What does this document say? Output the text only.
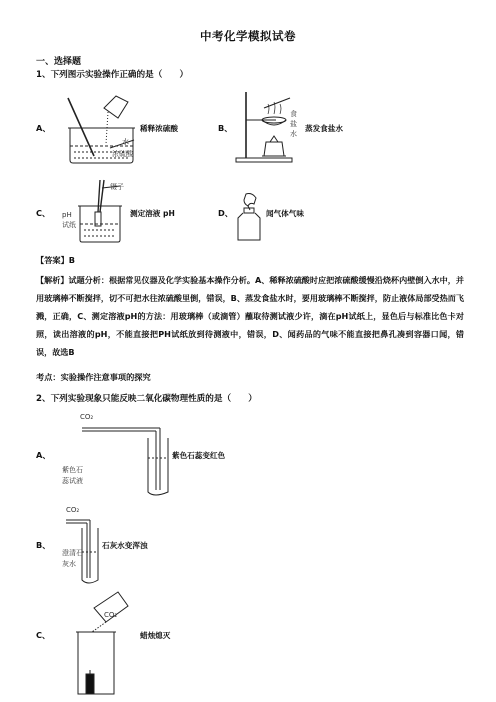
中考化学模拟试卷
一、选择题
1、下列图示实验操作正确的是（　　）
A、
水
浓硫酸
稀释浓硫酸	B、
食
盐
水
蒸发食盐水
C、
镊子
pH
试纸
测定溶液 pH	D、	闻气体气味
【答案】B
【解析】试题分析：根据常见仪器及化学实验基本操作分析。A、稀释浓硫酸时应把浓硫酸缓慢沿烧杯内壁倒入水中，并用玻璃棒不断搅拌，切不可把水往浓硫酸里倒，错误，B、蒸发食盐水时，要用玻璃棒不断搅拌，防止液体局部受热而飞溅，正确，C、测定溶液pH的方法：用玻璃棒（或滴管）蘸取待测试液少许，滴在pH试纸上，显色后与标准比色卡对照，读出溶液的pH，不能直接把PH试纸放到待测液中，错误，D、闻药品的气味不能直接把鼻孔凑到容器口闻，错误，故选B
考点：实验操作注意事项的探究
2、下列实验现象只能反映二氧化碳物理性质的是（　　）
A、
CO₂
紫色石
蕊试液
紫色石蕊变红色
B、
CO₂
澄清石
灰水
石灰水变浑浊
C、
CO₂
蜡烛熄灭
